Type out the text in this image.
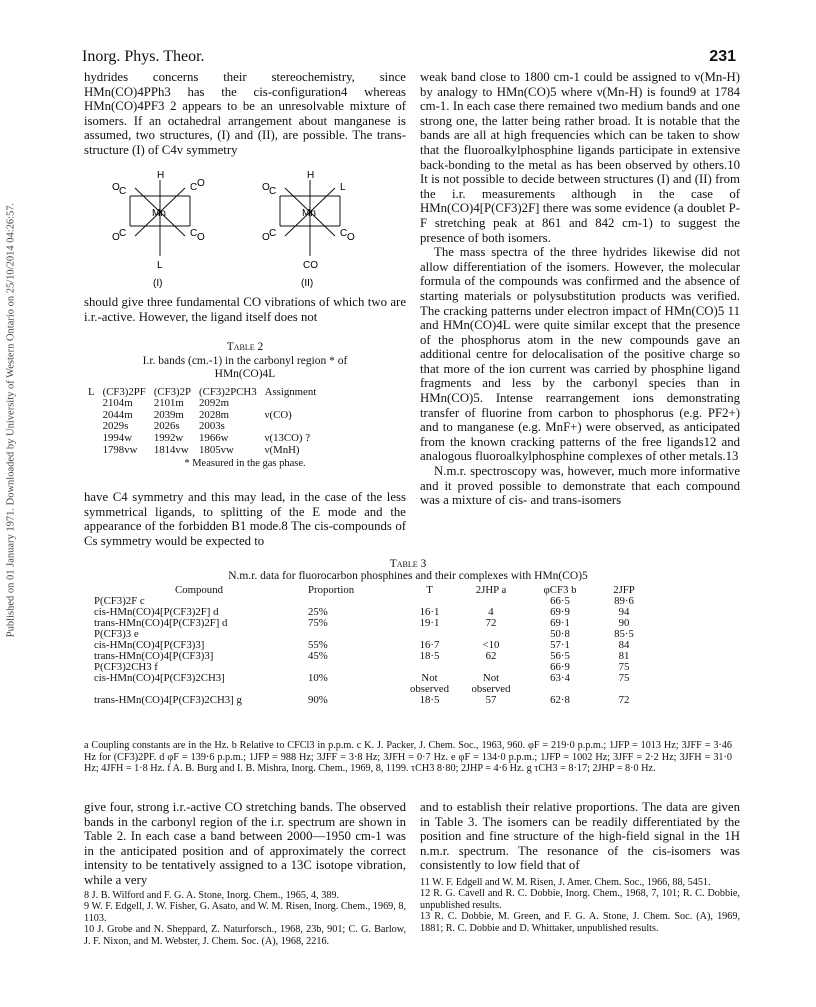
Published on 01 January 1971. Downloaded by University of Western Ontario on 25/10/2014 04:26:57.
Inorg. Phys. Theor.	231

hydrides concerns their stereochemistry, since HMn(CO)4PPh3 has the cis-configuration4 whereas HMn(CO)4PF3 2 appears to be an unresolvable mixture of isomers. If an octahedral arrangement about manganese is assumed, two structures, (I) and (II), are possible. The trans-structure (I) of C4v symmetry

H
O C	C O
Mn
O C	C O
L
(I)
H
O C	L
Mn
O C	C O
CO
(II)

should give three fundamental CO vibrations of which two are i.r.-active. However, the ligand itself does not

Table 2
I.r. bands (cm.-1) in the carbonyl region * of
HMn(CO)4L
L	(CF3)2PF	(CF3)2P	(CF3)2PCH3	Assignment
	2104m	2101m	2092m	
	2044m	2039m	2028m	ν(CO)
	2029s	2026s	2003s	
	1994w	1992w	1966w	ν(13CO) ?
	1798vw	1814vw	1805vw	ν(MnH)
* Measured in the gas phase.

have C4 symmetry and this may lead, in the case of the less symmetrical ligands, to splitting of the E mode and the appearance of the forbidden B1 mode.8 The cis-compounds of Cs symmetry would be expected to

weak band close to 1800 cm-1 could be assigned to ν(Mn-H) by analogy to HMn(CO)5 where ν(Mn-H) is found9 at 1784 cm-1. In each case there remained two medium bands and one strong one, the latter being rather broad. It is notable that the bands are all at high frequencies which can be taken to show that the fluoroalkylphosphine ligands participate in extensive back-bonding to the metal as has been observed by others.10 It is not possible to decide between structures (I) and (II) from the i.r. measurements although in the case of HMn(CO)4[P(CF3)2F] there was some evidence (a doublet P-F stretching peak at 861 and 842 cm-1) to suggest the presence of both isomers.

The mass spectra of the three hydrides likewise did not allow differentiation of the isomers. However, the molecular formula of the compounds was confirmed and the absence of starting materials or polysubstitution products was verified. The cracking patterns under electron impact of HMn(CO)5 11 and HMn(CO)4L were quite similar except that the presence of the phosphorus atom in the new compounds gave an additional centre for delocalisation of the positive charge so that more of the ion current was carried by phosphine ligand fragments and less by the carbonyl species than in HMn(CO)5. Intense rearrangement ions demonstrating transfer of fluorine from carbon to phosphorus (e.g. PF2+) and to manganese (e.g. MnF+) were observed, as anticipated from the known cracking patterns of the free ligands12 and analogous fluoroalkylphosphine complexes of other metals.13

N.m.r. spectroscopy was, however, much more informative and it proved possible to demonstrate that each compound was a mixture of cis- and trans-isomers

Table 3
N.m.r. data for fluorocarbon phosphines and their complexes with HMn(CO)5
Compound	Proportion	T	2JHP a	φCF3 b	2JFP
P(CF3)2F c				66·5	89·6
cis-HMn(CO)4[P(CF3)2F] d	25%	16·1	4	69·9	94
trans-HMn(CO)4[P(CF3)2F] d	75%	19·1	72	69·1	90
P(CF3)3 e				50·8	85·5
cis-HMn(CO)4[P(CF3)3]	55%	16·7	<10	57·1	84
trans-HMn(CO)4[P(CF3)3]	45%	18·5	62	56·5	81
P(CF3)2CH3 f				66·9	75
cis-HMn(CO)4[P(CF3)2CH3]	10%	Not	Not	63·4	75
		observed	observed		
trans-HMn(CO)4[P(CF3)2CH3] g	90%	18·5	57	62·8	72

a Coupling constants are in the Hz. b Relative to CFCl3 in p.p.m. c K. J. Packer, J. Chem. Soc., 1963, 960. φF = 219·0 p.p.m.; 1JFP = 1013 Hz; 3JFF = 3·46 Hz for (CF3)2PF. d φF = 139·6 p.p.m.; 1JFP = 988 Hz; 3JFF = 3·8 Hz; 3JFH = 0·7 Hz. e φF = 134·0 p.p.m.; 1JFP = 1002 Hz; 3JFF = 2·2 Hz; 3JFH = 31·0 Hz; 4JFH = 1·8 Hz. f A. B. Burg and I. B. Mishra, Inorg. Chem., 1969, 8, 1199. τCH3 8·80; 2JHP = 4·6 Hz. g τCH3 = 8·17; 2JHP = 8·0 Hz.

give four, strong i.r.-active CO stretching bands. The observed bands in the carbonyl region of the i.r. spectrum are shown in Table 2. In each case a band between 2000—1950 cm-1 was in the anticipated position and of approximately the correct intensity to be tentatively assigned to a 13C isotope vibration, while a very

8 J. B. Wilford and F. G. A. Stone, Inorg. Chem., 1965, 4, 389.

9 W. F. Edgell, J. W. Fisher, G. Asato, and W. M. Risen, Inorg. Chem., 1969, 8, 1103.

10 J. Grobe and N. Sheppard, Z. Naturforsch., 1968, 23b, 901; C. G. Barlow, J. F. Nixon, and M. Webster, J. Chem. Soc. (A), 1968, 2216.

and to establish their relative proportions. The data are given in Table 3. The isomers can be readily differentiated by the position and fine structure of the high-field signal in the 1H n.m.r. spectrum. The resonance of the cis-isomers was consistently to low field that of

11 W. F. Edgell and W. M. Risen, J. Amer. Chem. Soc., 1966, 88, 5451.

12 R. G. Cavell and R. C. Dobbie, Inorg. Chem., 1968, 7, 101; R. C. Dobbie, unpublished results.

13 R. C. Dobbie, M. Green, and F. G. A. Stone, J. Chem. Soc. (A), 1969, 1881; R. C. Dobbie and D. Whittaker, unpublished results.
